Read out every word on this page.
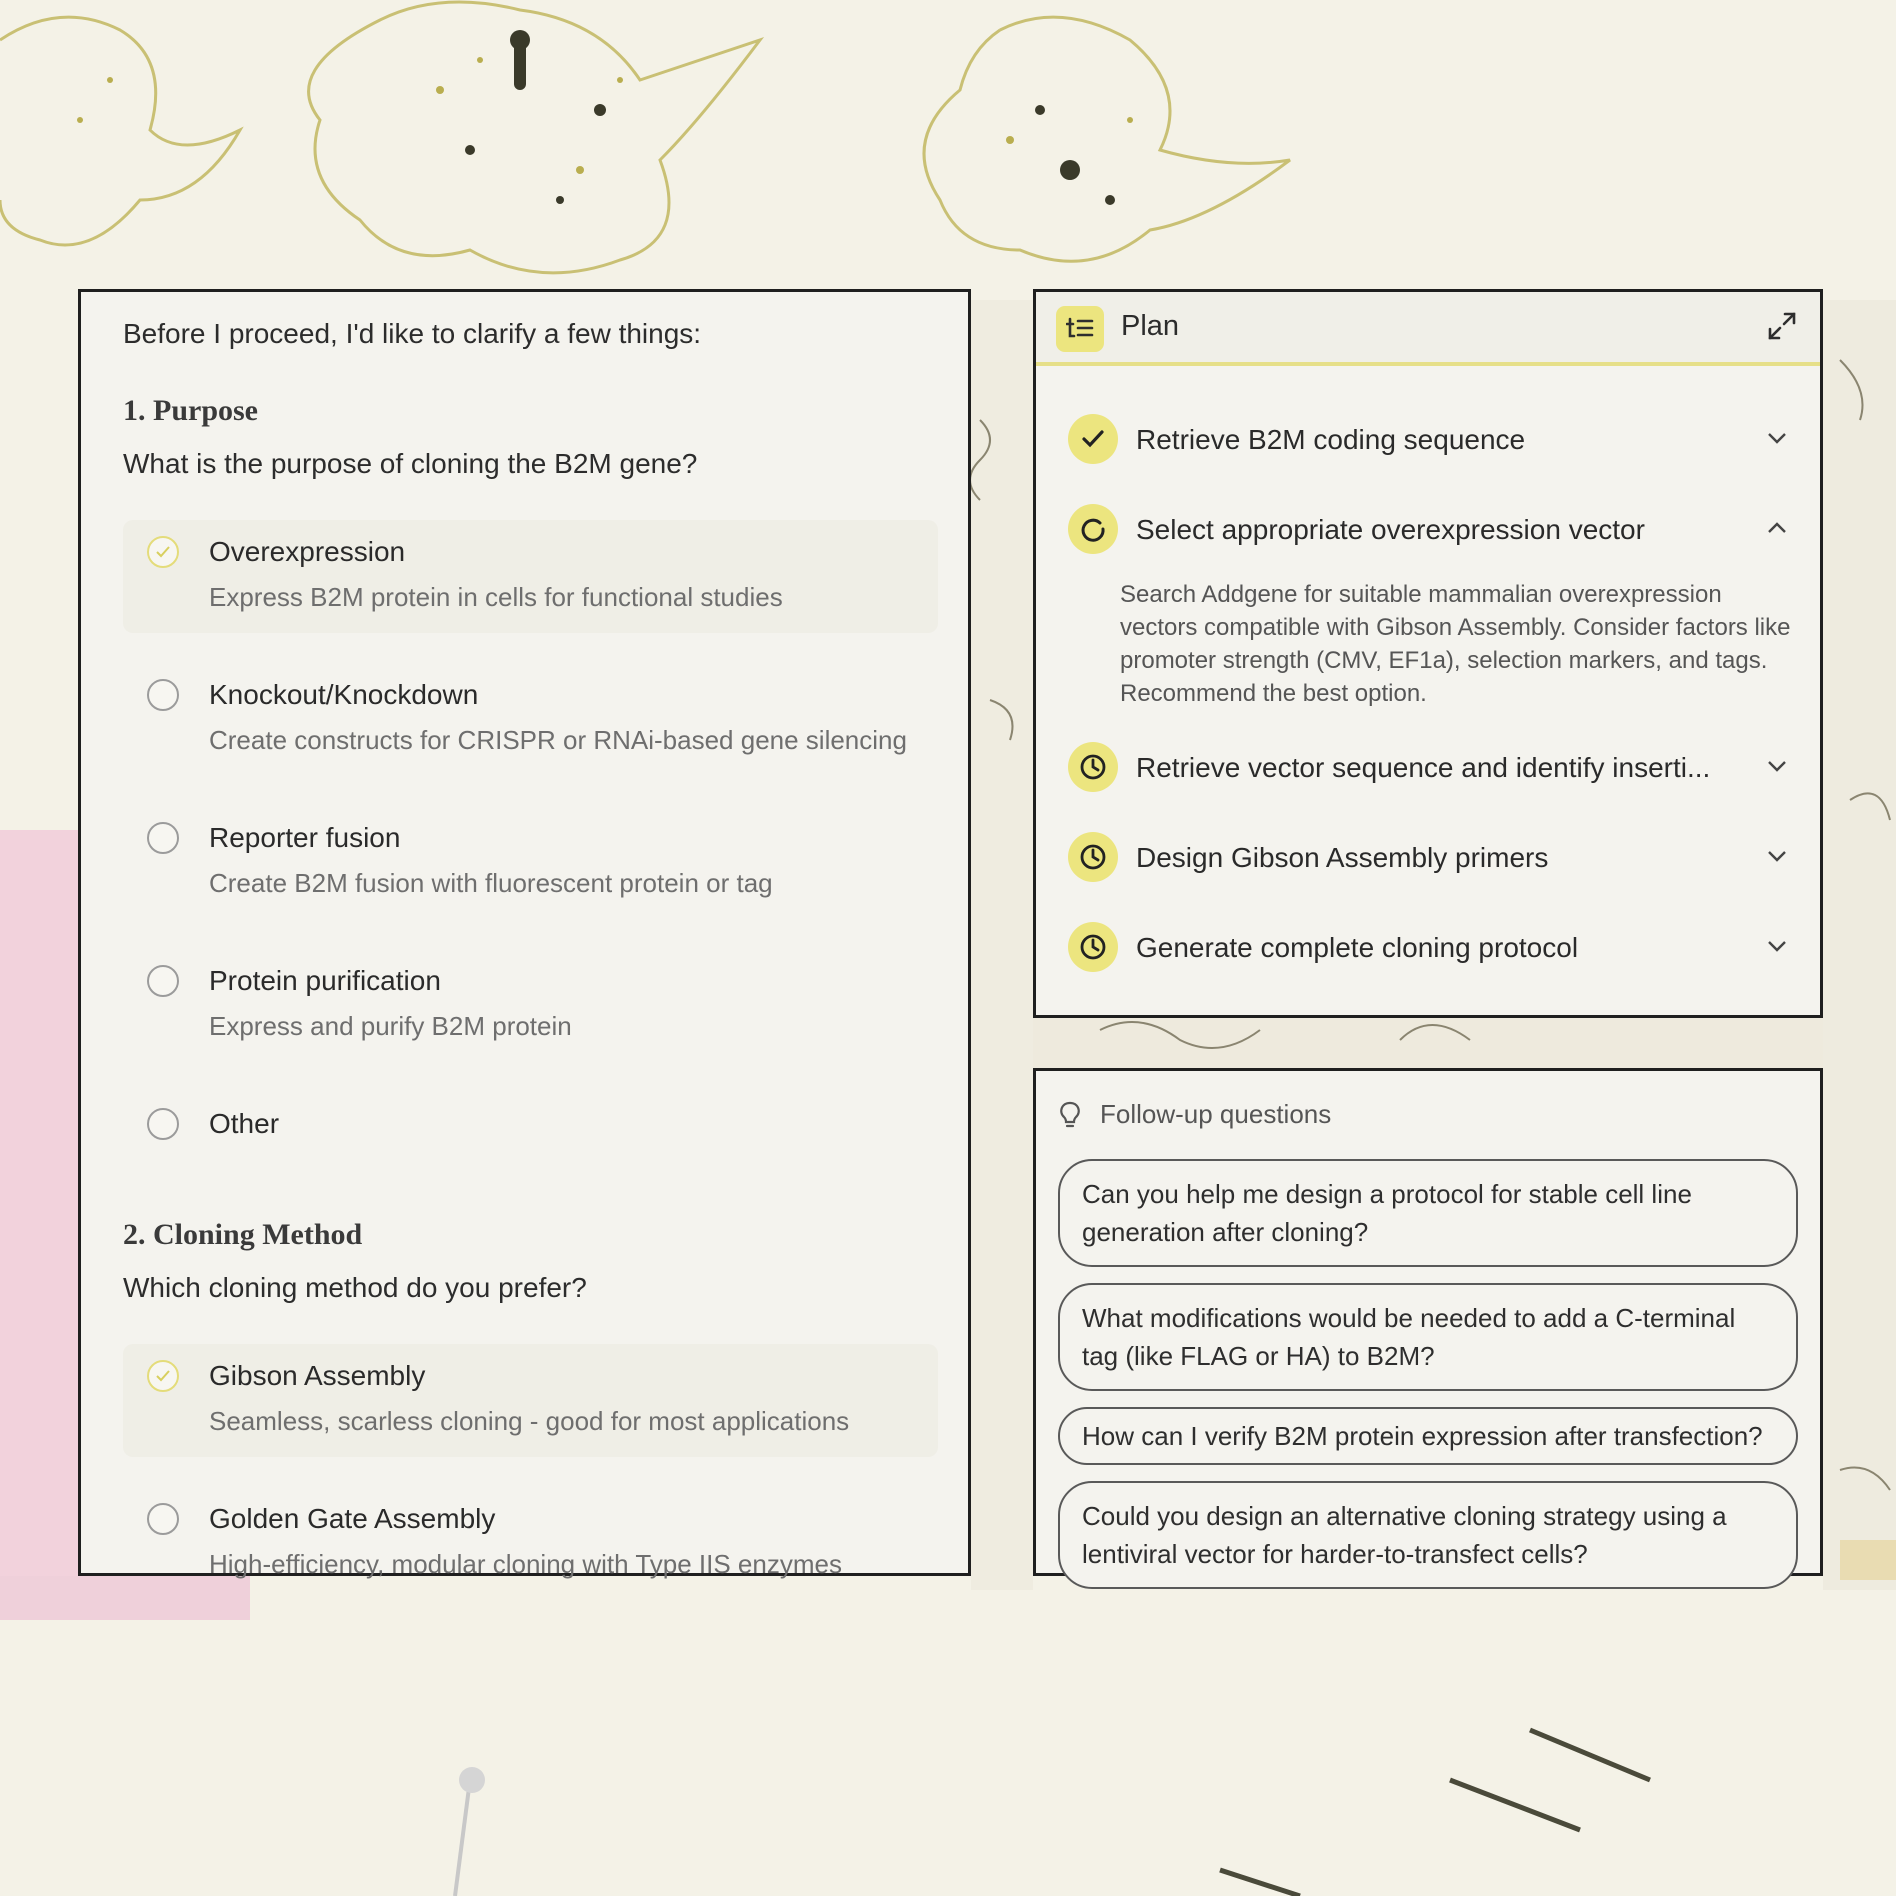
Before I proceed, I'd like to clarify a few things:

1. Purpose

What is the purpose of cloning the B2M gene?

Overexpression
Express B2M protein in cells for functional studies
Knockout/Knockdown
Create constructs for CRISPR or RNAi-based gene silencing
Reporter fusion
Create B2M fusion with fluorescent protein or tag
Protein purification
Express and purify B2M protein
Other
2. Cloning Method

Which cloning method do you prefer?

Gibson Assembly
Seamless, scarless cloning - good for most applications
Golden Gate Assembly
High-efficiency, modular cloning with Type IIS enzymes
Plan
Retrieve B2M coding sequence
Select appropriate overexpression vector
Search Addgene for suitable mammalian overexpression vectors compatible with Gibson Assembly. Consider factors like promoter strength (CMV, EF1a), selection markers, and tags. Recommend the best option.
Retrieve vector sequence and identify inserti...
Design Gibson Assembly primers
Generate complete cloning protocol
Follow-up questions
Can you help me design a protocol for stable cell line generation after cloning?
What modifications would be needed to add a C-terminal tag (like FLAG or HA) to B2M?
How can I verify B2M protein expression after transfection?
Could you design an alternative cloning strategy using a lentiviral vector for harder-to-transfect cells?
